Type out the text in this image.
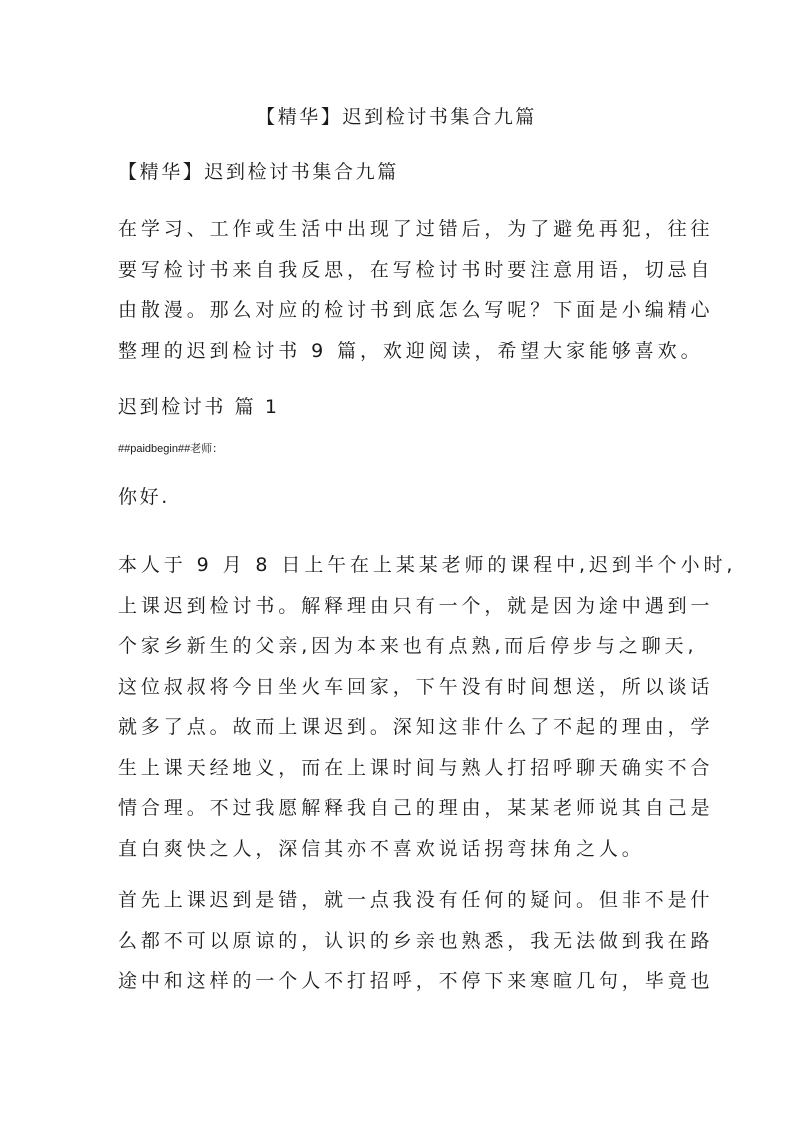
【精华】迟到检讨书集合九篇
【精华】迟到检讨书集合九篇

在学习、工作或生活中出现了过错后，为了避免再犯，往往
要写检讨书来自我反思，在写检讨书时要注意用语，切忌自
由散漫。那么对应的检讨书到底怎么写呢？下面是小编精心
整理的迟到检讨书 9 篇，欢迎阅读，希望大家能够喜欢。

迟到检讨书 篇 1
##paidbegin##老师：
你好.

本人于 9 月 8 日上午在上某某老师的课程中,迟到半个小时,
上课迟到检讨书。解释理由只有一个，就是因为途中遇到一
个家乡新生的父亲,因为本来也有点熟,而后停步与之聊天,
这位叔叔将今日坐火车回家，下午没有时间想送，所以谈话
就多了点。故而上课迟到。深知这非什么了不起的理由，学
生上课天经地义，而在上课时间与熟人打招呼聊天确实不合
情合理。不过我愿解释我自己的理由，某某老师说其自己是
直白爽快之人，深信其亦不喜欢说话拐弯抹角之人。

首先上课迟到是错，就一点我没有任何的疑问。但非不是什
么都不可以原谅的，认识的乡亲也熟悉，我无法做到我在路
途中和这样的一个人不打招呼，不停下来寒暄几句，毕竟也
